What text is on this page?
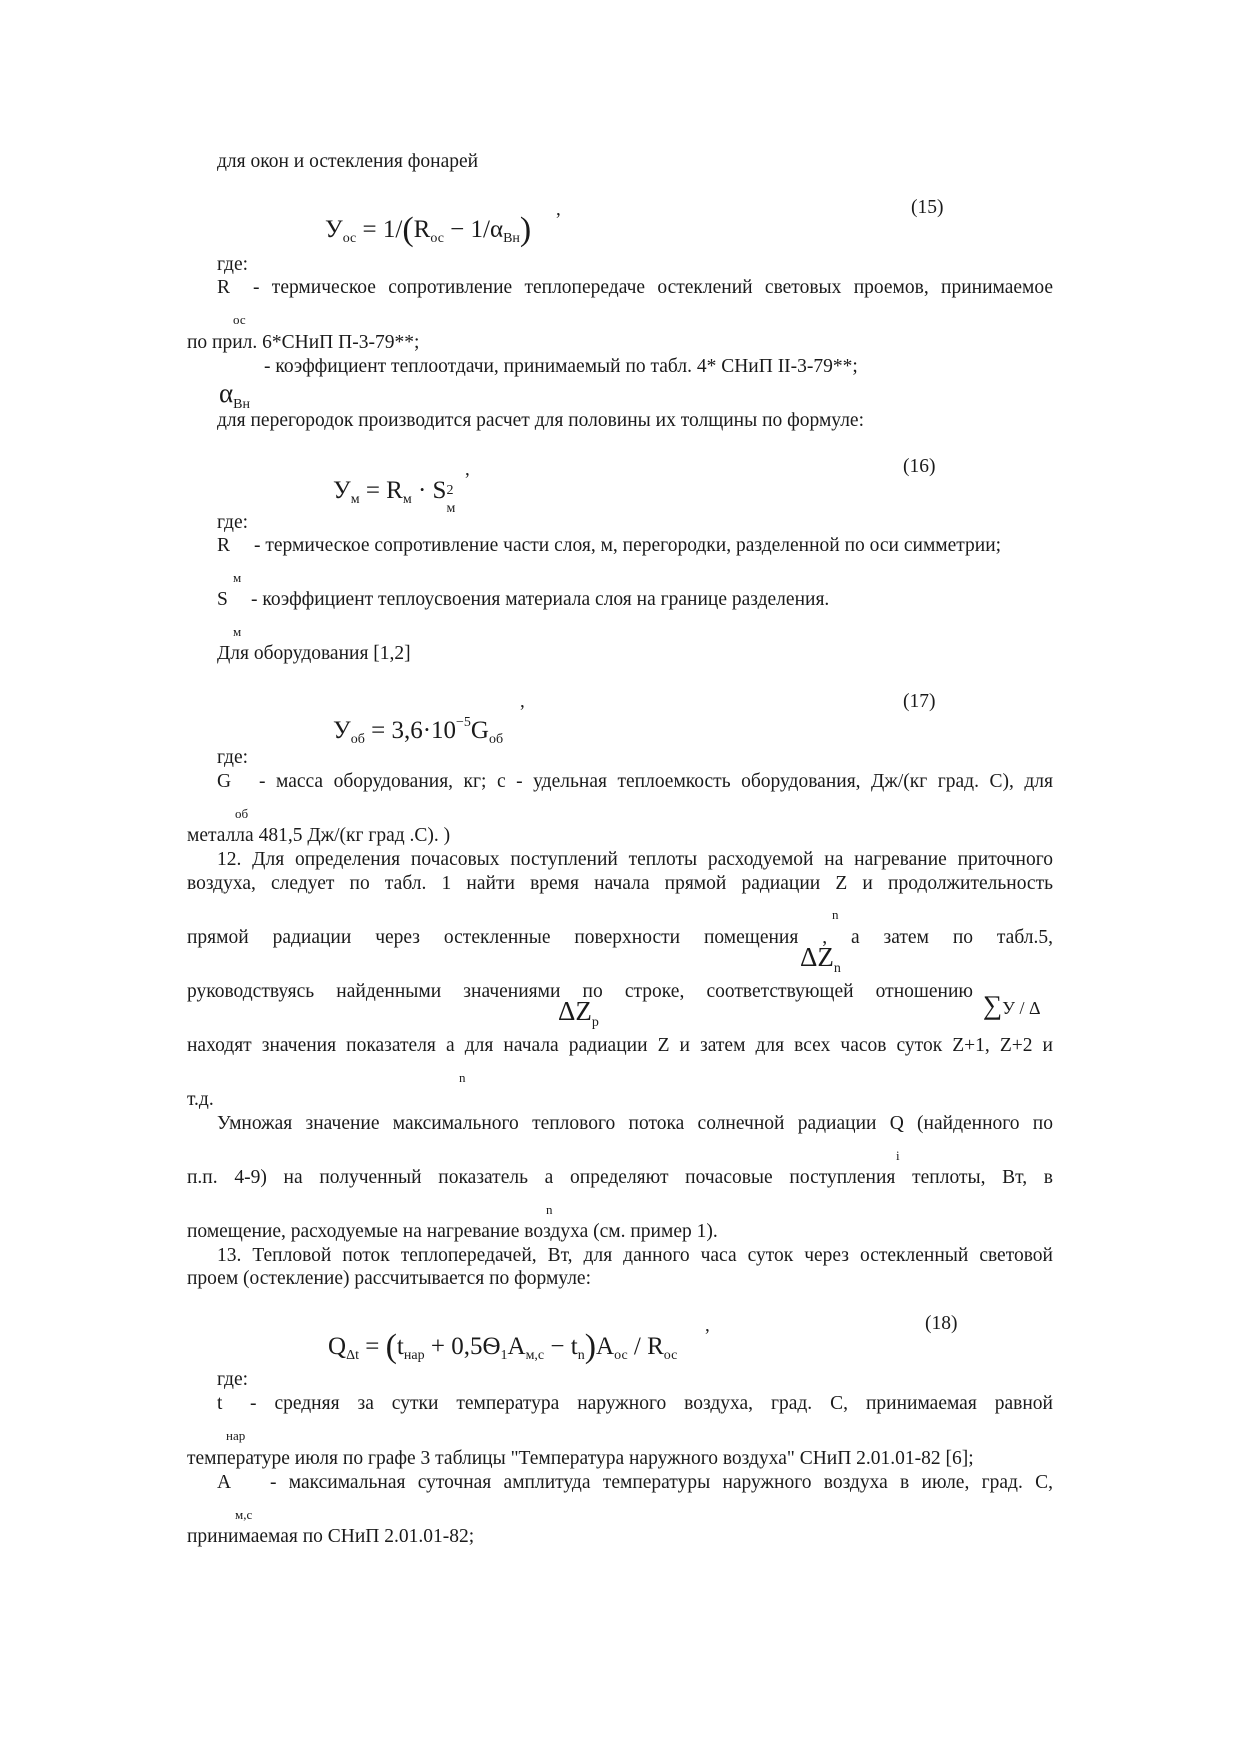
для окон и остекления фонарей
$У_{ос} = 1/(R_{ос} - 1/\alpha_{Вн})$
,	(15)
где:
R - термическое сопротивление теплопередаче остеклений световых проемов, принимаемое
ос
по прил. 6*СНиП П-3-79**;
- коэффициент теплоотдачи, принимаемый по табл. 4* СНиП II-3-79**;
$\alpha_{Вн}$
для перегородок производится расчет для половины их толщины по формуле:
$У_м = R_м \cdot S$ 2
м
,	(16)
где:
R - термическое сопротивление части слоя, м, перегородки, разделенной по оси симметрии;
м
S - коэффициент теплоусвоения материала слоя на границе разделения.
м
Для оборудования [1,2]
$У_{об} = 3,6\cdot 10^{-5}G_{об}$
,	(17)
где:
G - масса оборудования, кг; с - удельная теплоемкость оборудования, Дж/(кг град. С), для
об
металла 481,5 Дж/(кг град .С). )
12. Для определения почасовых поступлений теплоты расходуемой на нагревание приточного
воздуха, следует по табл. 1 найти время начала прямой радиации Z и продолжительность
n
прямой радиации через остекленные поверхности помещения , а затем по табл.5,
$\Delta Z_n$
руководствуясь найденными значениями по строке, соответствующей отношению
$\Delta Z_p$
∑У / Δ
находят значения показателя а для начала радиации Z и затем для всех часов суток Z+1, Z+2 и
n
т.д.
Умножая значение максимального теплового потока солнечной радиации Q (найденного по
i
п.п. 4-9) на полученный показатель а определяют почасовые поступления теплоты, Вт, в
n
помещение, расходуемые на нагревание воздуха (см. пример 1).
13. Тепловой поток теплопередачей, Вт, для данного часа суток через остекленный световой
проем (остекление) рассчитывается по формуле:
$Q_{\Delta t} = (t_{нар} + 0,5Ѳ_1A_{м,с} - t_n)A_{ос} / R_{ос}$
,	(18)
где:
t - средняя за сутки температура наружного воздуха, град. С, принимаемая равной
нар
температуре июля по графе 3 таблицы "Температура наружного воздуха" СНиП 2.01.01-82 [6];
A - максимальная суточная амплитуда температуры наружного воздуха в июле, град. С,
м,с
принимаемая по СНиП 2.01.01-82;
